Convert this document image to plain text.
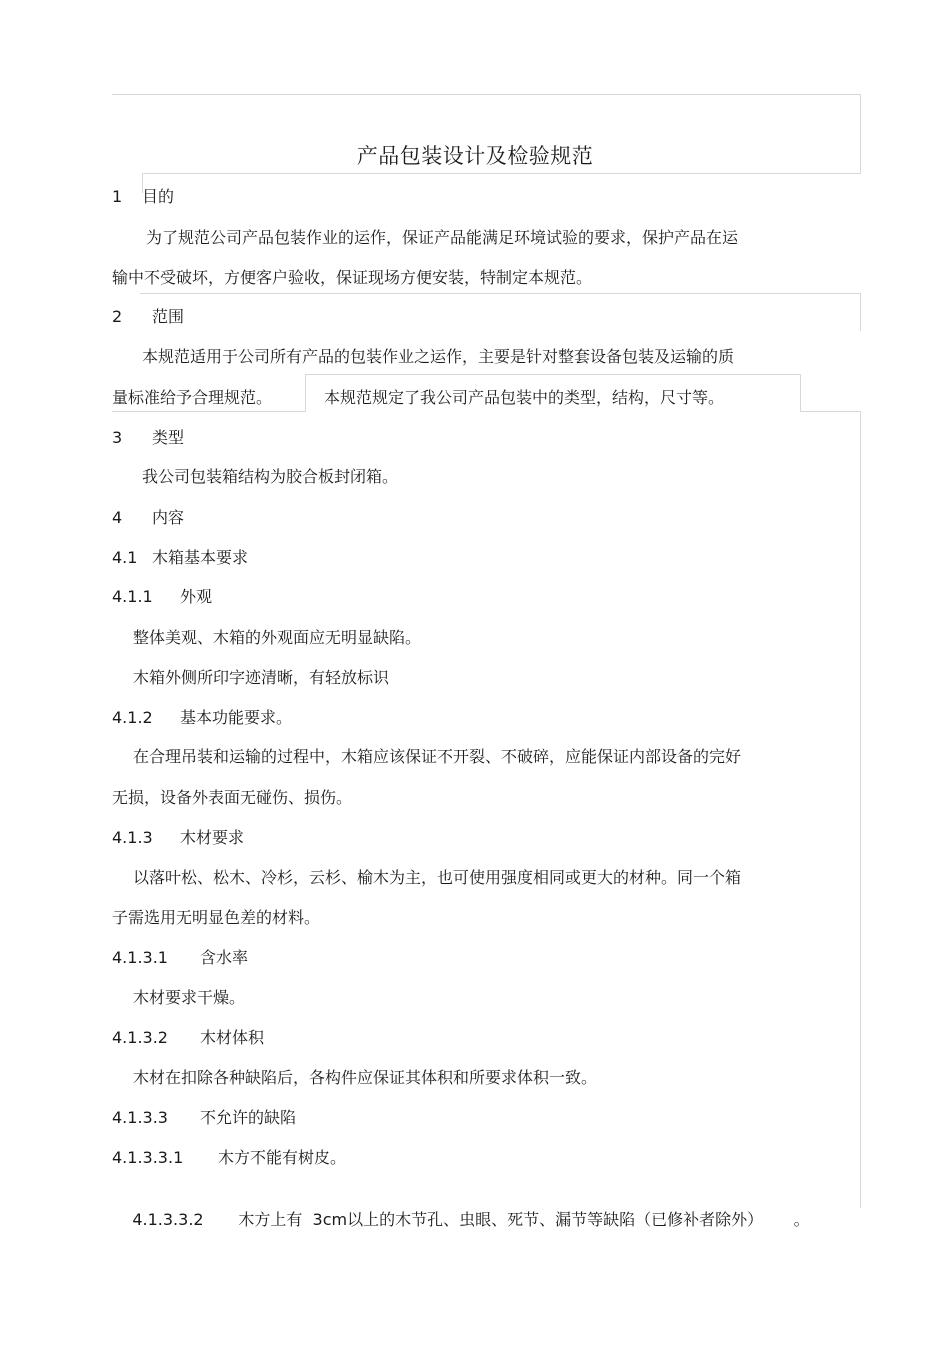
产品包装设计及检验规范
1 目的
为了规范公司产品包装作业的运作，保证产品能满足环境试验的要求，保护产品在运
输中不受破坏，方便客户验收，保证现场方便安装，特制定本规范。
2 范围
本规范适用于公司所有产品的包装作业之运作，主要是针对整套设备包装及运输的质
量标准给予合理规范。	本规范规定了我公司产品包装中的类型，结构，尺寸等。
3 类型
我公司包装箱结构为胶合板封闭箱。
4 内容
4.1 木箱基本要求
4.1.1 外观
整体美观、木箱的外观面应无明显缺陷。
木箱外侧所印字迹清晰，有轻放标识
4.1.2 基本功能要求。
在合理吊装和运输的过程中，木箱应该保证不开裂、不破碎，应能保证内部设备的完好
无损，设备外表面无碰伤、损伤。
4.1.3 木材要求
以落叶松、松木、冷杉，云杉、榆木为主，也可使用强度相同或更大的材种。同一个箱
子需选用无明显色差的材料。
4.1.3.1 含水率
木材要求干燥。
4.1.3.2 木材体积
木材在扣除各种缺陷后，各构件应保证其体积和所要求体积一致。
4.1.3.3 不允许的缺陷
4.1.3.3.1 木方不能有树皮。

4.1.3.3.2 木方上有  3cm以上的木节孔、虫眼、死节、漏节等缺陷（已修补者除外）      。
